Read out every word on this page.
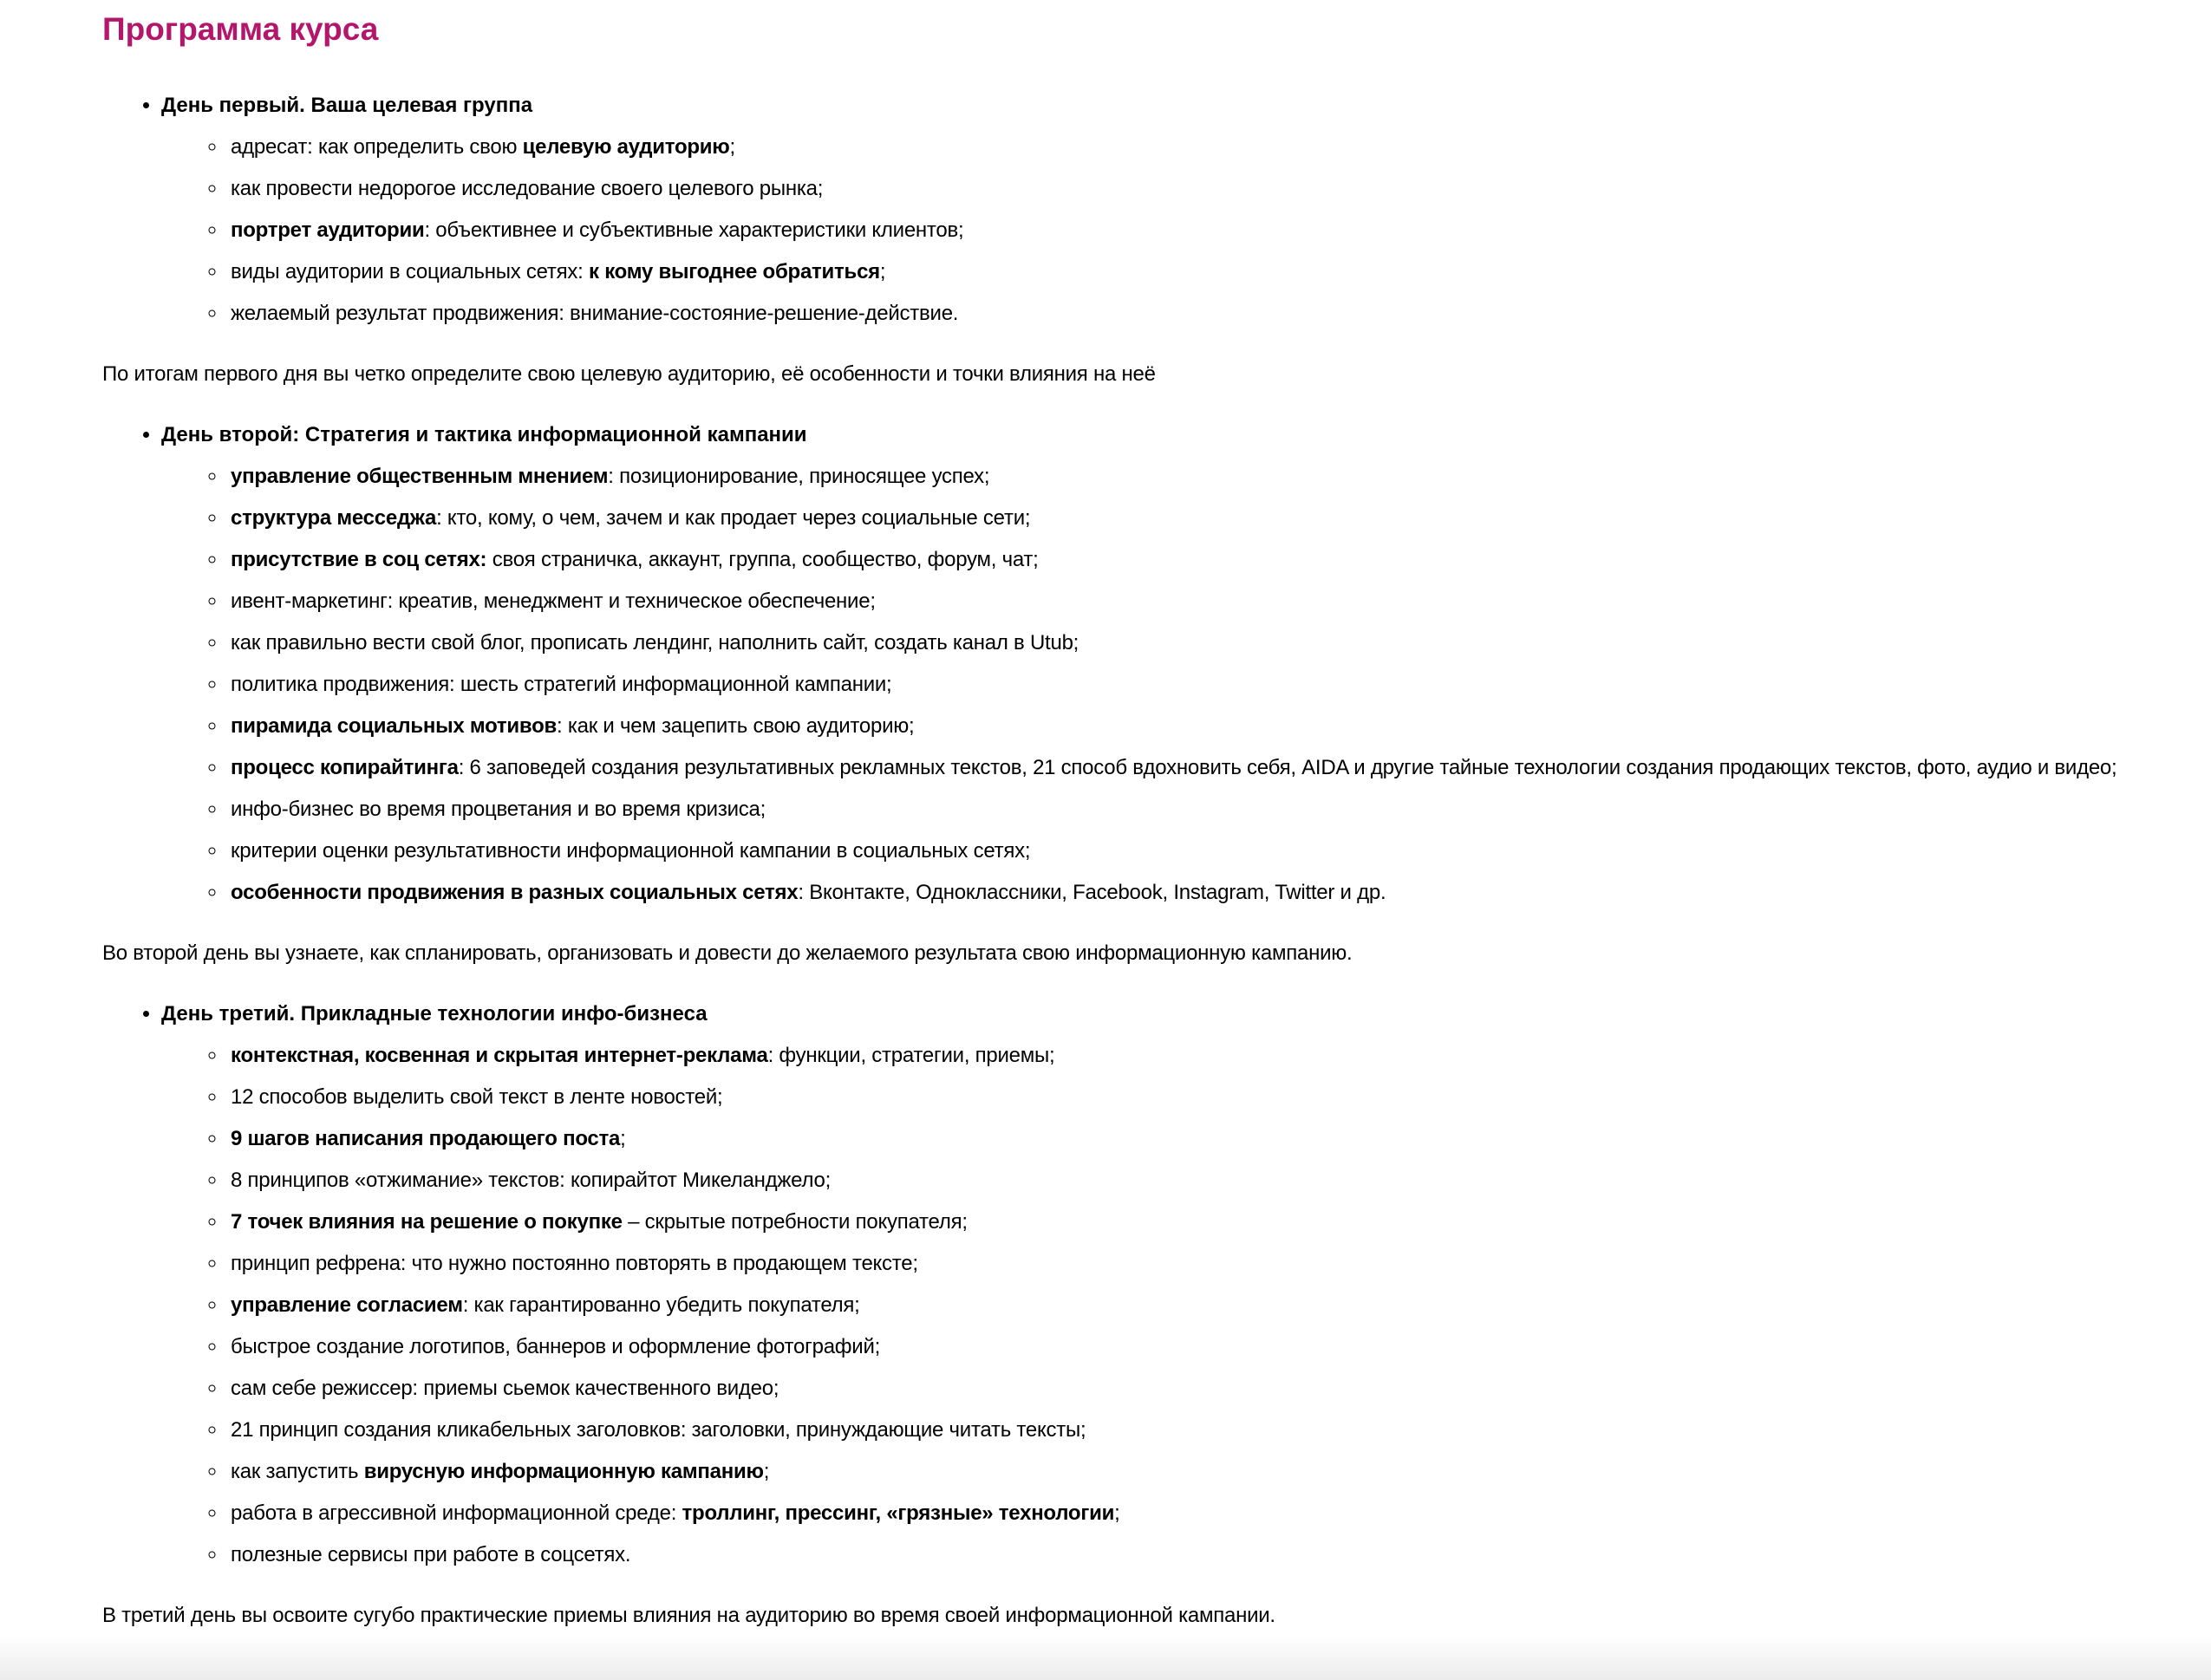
Программа курса
• День первый. Ваша целевая группа
◦ адресат: как определить свою целевую аудиторию;
◦ как провести недорогое исследование своего целевого рынка;
◦ портрет аудитории: объективнее и субъективные характеристики клиентов;
◦ виды аудитории в социальных сетях: к кому выгоднее обратиться;
◦ желаемый результат продвижения: внимание-состояние-решение-действие.

По итогам первого дня вы четко определите свою целевую аудиторию, её особенности и точки влияния на неё

• День второй: Стратегия и тактика информационной кампании
◦ управление общественным мнением: позиционирование, приносящее успех;
◦ структура месседжа: кто, кому, о чем, зачем и как продает через социальные сети;
◦ присутствие в соц сетях: своя страничка, аккаунт, группа, сообщество, форум, чат;
◦ ивент-маркетинг: креатив, менеджмент и техническое обеспечение;
◦ как правильно вести свой блог, прописать лендинг, наполнить сайт, создать канал в Utub;
◦ политика продвижения: шесть стратегий информационной кампании;
◦ пирамида социальных мотивов: как и чем зацепить свою аудиторию;
◦ процесс копирайтинга: 6 заповедей создания результативных рекламных текстов, 21 способ вдохновить себя, AIDA и другие тайные технологии создания продающих текстов, фото, аудио и видео;
◦ инфо-бизнес во время процветания и во время кризиса;
◦ критерии оценки результативности информационной кампании в социальных сетях;
◦ особенности продвижения в разных социальных сетях: Вконтакте, Одноклассники, Facebook, Instagram, Twitter и др.

Во второй день вы узнаете, как спланировать, организовать и довести до желаемого результата свою информационную кампанию.

• День третий. Прикладные технологии инфо-бизнеса
◦ контекстная, косвенная и скрытая интернет-реклама: функции, стратегии, приемы;
◦ 12 способов выделить свой текст в ленте новостей;
◦ 9 шагов написания продающего поста;
◦ 8 принципов «отжимание» текстов: копирайтот Микеланджело;
◦ 7 точек влияния на решение о покупке – скрытые потребности покупателя;
◦ принцип рефрена: что нужно постоянно повторять в продающем тексте;
◦ управление согласием: как гарантированно убедить покупателя;
◦ быстрое создание логотипов, баннеров и оформление фотографий;
◦ сам себе режиссер: приемы сьемок качественного видео;
◦ 21 принцип создания кликабельных заголовков: заголовки, принуждающие читать тексты;
◦ как запустить вирусную информационную кампанию;
◦ работа в агрессивной информационной среде: троллинг, прессинг, «грязные» технологии;
◦ полезные сервисы при работе в соцсетях.

В третий день вы освоите сугубо практические приемы влияния на аудиторию во время своей информационной кампании.
